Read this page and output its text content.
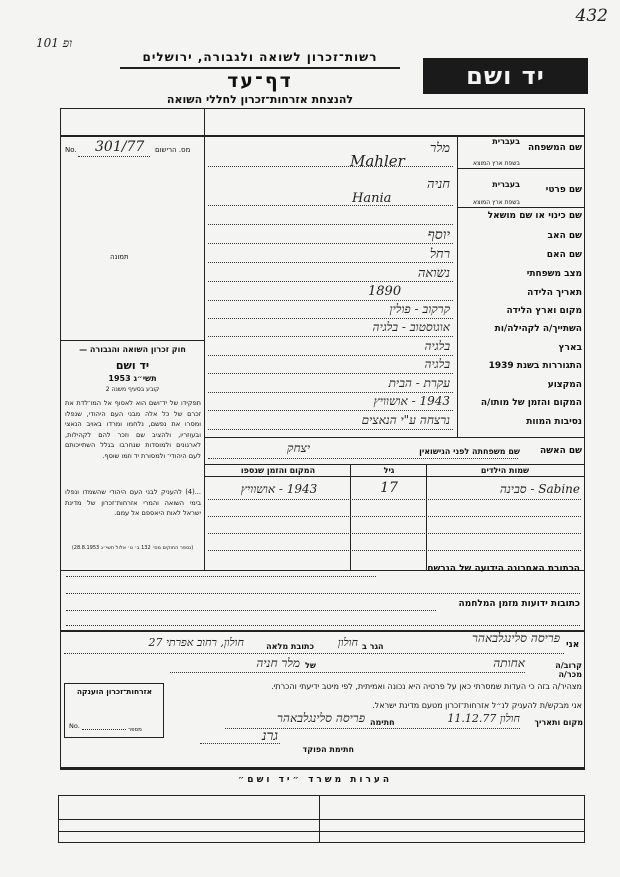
432
ופ 101
רשות־זכרון לשואה ולגבורה, ירושלים
דף־עד
להנצחת אזרחות־זכרון לחללי השואה
יד ושם
No.	מס. הרישום
301/77
תמונה
בעברית
שם המשפחה
בשפת ארץ המוצא
בעברית
שם פרטי
בשפת ארץ המוצא
שם כינוי או שם מושאל
שם האב
שם האם
מצב משפחתי
תאריך הלידה
מקום וארץ הלידה
השתייך/ה לקהילה/ות
בארץ
התגוררות בשנת 1939
המקצוע
המקום והזמן של מותו/ה
נסיבות המוות
מלר
Mahler
חניה
Hania
יוסף
רחל
נשואה
1890
קרקוב - פולין
אוגוסטוב - בלגיה
בלגיה
בלגיה
עקרת - הבית
1943 - אושוויץ
נרצחה ע"י הנאצים
חוק זכרון השואה והגבורה —
יד ושם
תשי״ג 1953
קובע בסעיף משנה 2
תפקידו של יד־ושם הוא לאסוף אל המו־לדת את זכרם של כל אלה מבני העם היהודי, שנפלו ומסרו את נפשם, נלחמו ומרדו באויב הנאצי ובעוזריו, ולהציב שם וזכר להם לקהילות, לארגונים ולמוסדות שנחרבו בגלל השתייכותם לעם היהודי־ ולמסורת יד וזמו שוסף.
...(4) להעניק לבני העם היהודי שהשמדו ונפלו בימי השואה והמרי אזרחות־זכרון של מדינת ישראל לאות היאספם אל עמם.
(נספר החוקים מס׳ 132 ב׳ ט׳ אלול תשי״ג 28.8.1953)
שם האשה
שם משפחתה לפני הנישואין
יצחק
שמות הילדים
גיל
המקום והזמן שנספו
סבינה - Sabine
17
1943 - אושוויץ
הכתובת האחרונה הידועה של הנרשם
כתובות ידועות מזמן המלחמה
אני
פריסה סלינגלבאהר
הגר ב
חולון
כתובת מלאה
חולון, רחוב אפרתי 27
קרוב/ה מכר/ה
אחותה
של
מלר חניה
מצהיר/ה בזה כי העדות שמסרתי כאן על פרטיה היא נכונה ואמיתית, לפי מיטב ידיעתי והכרתי.
אני מבקש/ת להעניק לנ״ל אזרחות־זכרון מטעם מדינת ישראל.
מקום ותאריך
חולון 11.12.77
חתימה
פריסה סלינגלבאהר
חתימת הפוקד
גרנ
אזרחות־זכרון הוענקה
No.	מספר
הערות משרד ״יד ושם״
